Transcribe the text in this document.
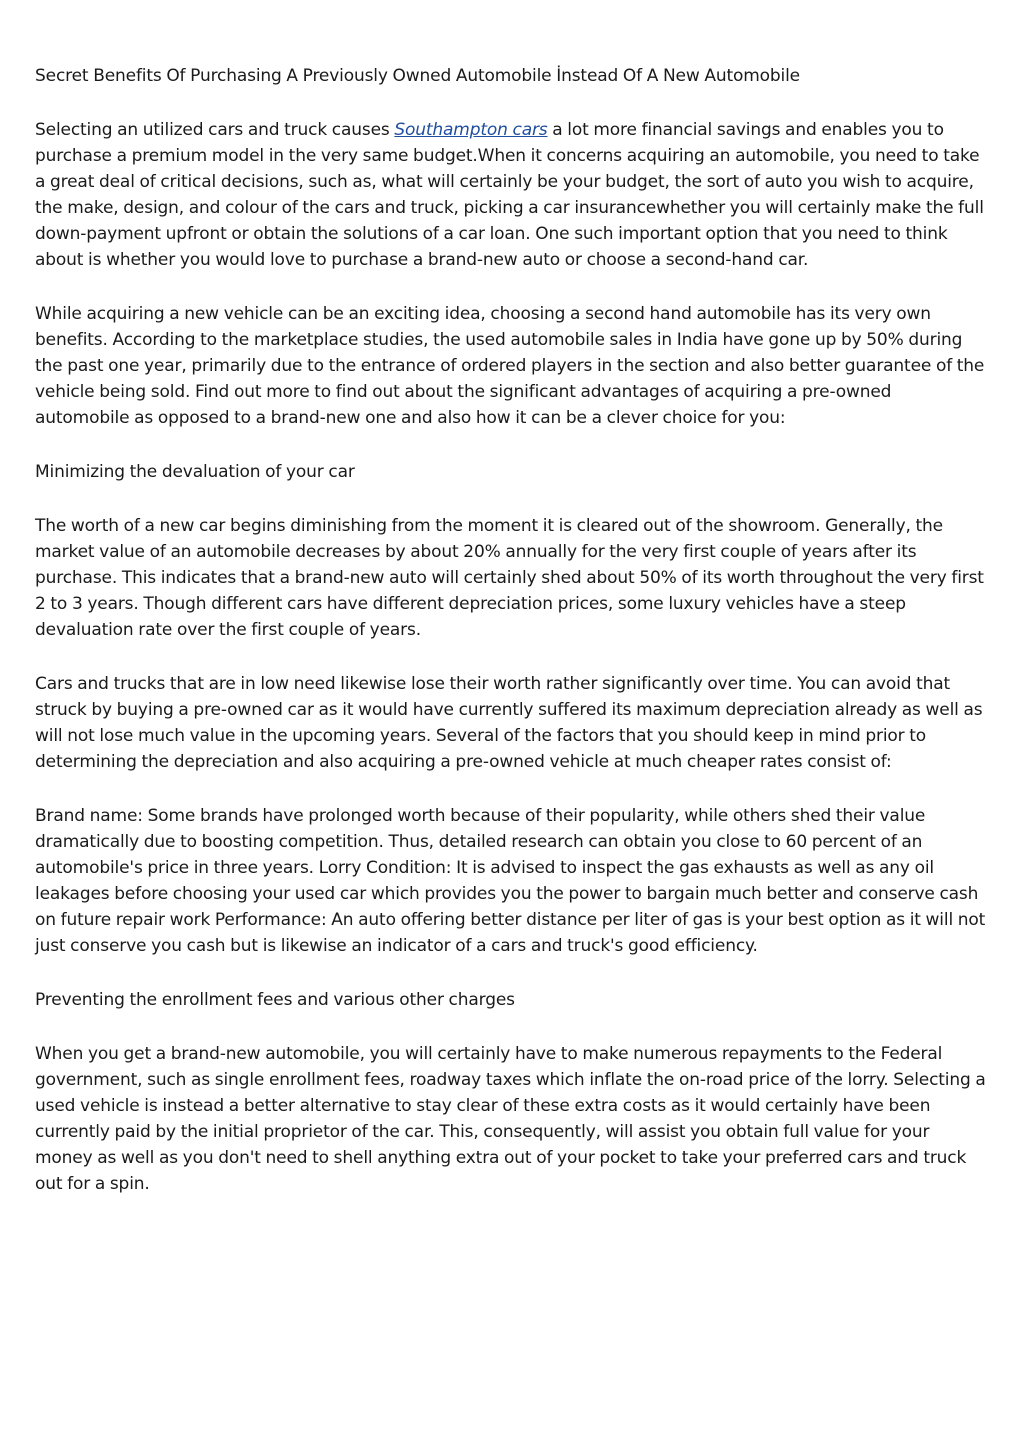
Secret Benefits Of Purchasing A Previously Owned Automobile İnstead Of A New Automobile

Selecting an utilized cars and truck causes Southampton cars a lot more financial savings and enables you to purchase a premium model in the very same budget.When it concerns acquiring an automobile, you need to take a great deal of critical decisions, such as, what will certainly be your budget, the sort of auto you wish to acquire, the make, design, and colour of the cars and truck, picking a car insurancewhether you will certainly make the full down-payment upfront or obtain the solutions of a car loan. One such important option that you need to think about is whether you would love to purchase a brand-new auto or choose a second-hand car.

While acquiring a new vehicle can be an exciting idea, choosing a second hand automobile has its very own benefits. According to the marketplace studies, the used automobile sales in India have gone up by 50% during the past one year, primarily due to the entrance of ordered players in the section and also better guarantee of the vehicle being sold. Find out more to find out about the significant advantages of acquiring a pre-owned automobile as opposed to a brand-new one and also how it can be a clever choice for you:

Minimizing the devaluation of your car

The worth of a new car begins diminishing from the moment it is cleared out of the showroom. Generally, the market value of an automobile decreases by about 20% annually for the very first couple of years after its purchase. This indicates that a brand-new auto will certainly shed about 50% of its worth throughout the very first 2 to 3 years. Though different cars have different depreciation prices, some luxury vehicles have a steep devaluation rate over the first couple of years.

Cars and trucks that are in low need likewise lose their worth rather significantly over time. You can avoid that struck by buying a pre-owned car as it would have currently suffered its maximum depreciation already as well as will not lose much value in the upcoming years. Several of the factors that you should keep in mind prior to determining the depreciation and also acquiring a pre-owned vehicle at much cheaper rates consist of:

Brand name: Some brands have prolonged worth because of their popularity, while others shed their value dramatically due to boosting competition. Thus, detailed research can obtain you close to 60 percent of an automobile's price in three years. Lorry Condition: It is advised to inspect the gas exhausts as well as any oil leakages before choosing your used car which provides you the power to bargain much better and conserve cash on future repair work Performance: An auto offering better distance per liter of gas is your best option as it will not just conserve you cash but is likewise an indicator of a cars and truck's good efficiency.

Preventing the enrollment fees and various other charges

When you get a brand-new automobile, you will certainly have to make numerous repayments to the Federal government, such as single enrollment fees, roadway taxes which inflate the on-road price of the lorry. Selecting a used vehicle is instead a better alternative to stay clear of these extra costs as it would certainly have been currently paid by the initial proprietor of the car. This, consequently, will assist you obtain full value for your money as well as you don't need to shell anything extra out of your pocket to take your preferred cars and truck out for a spin.
